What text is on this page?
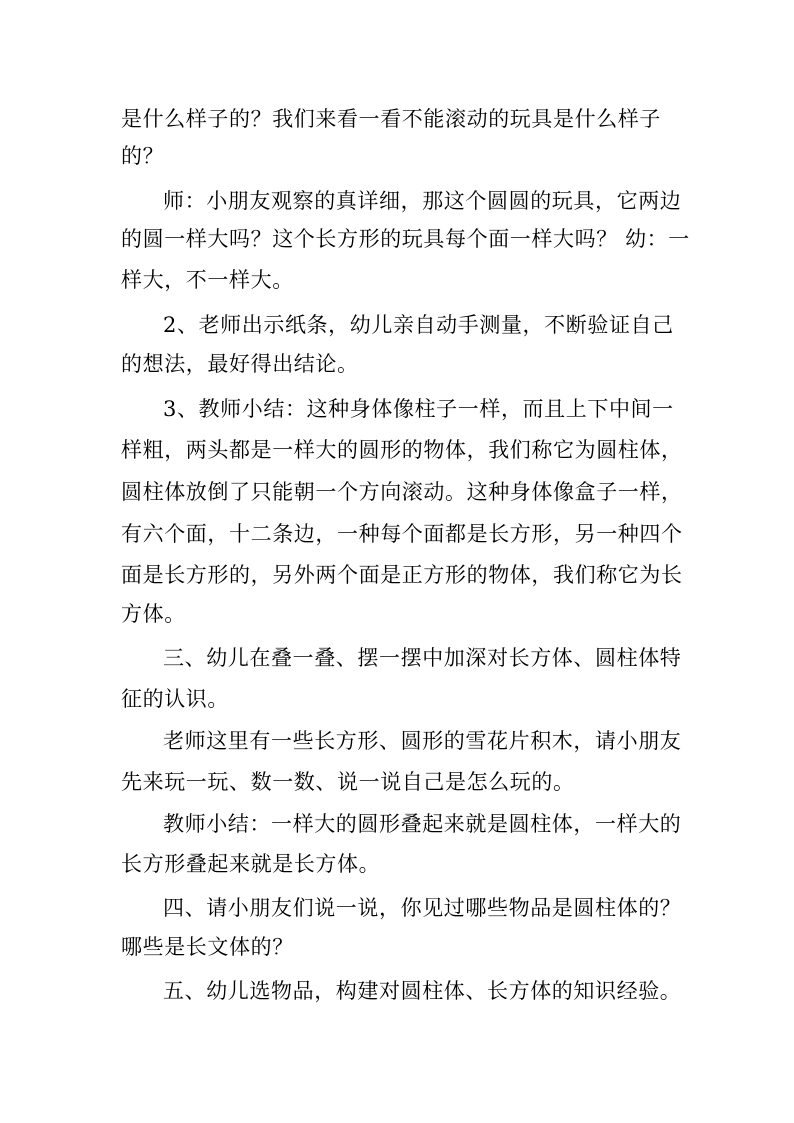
是什么样子的？我们来看一看不能滚动的玩具是什么样子
的？
师：小朋友观察的真详细，那这个圆圆的玩具，它两边
的圆一样大吗？这个长方形的玩具每个面一样大吗？ 幼：一
样大，不一样大。
2、老师出示纸条，幼儿亲自动手测量，不断验证自己
的想法，最好得出结论。
3、教师小结：这种身体像柱子一样，而且上下中间一
样粗，两头都是一样大的圆形的物体，我们称它为圆柱体，
圆柱体放倒了只能朝一个方向滚动。这种身体像盒子一样，
有六个面，十二条边，一种每个面都是长方形，另一种四个
面是长方形的，另外两个面是正方形的物体，我们称它为长
方体。
三、幼儿在叠一叠、摆一摆中加深对长方体、圆柱体特
征的认识。
老师这里有一些长方形、圆形的雪花片积木，请小朋友
先来玩一玩、数一数、说一说自己是怎么玩的。
教师小结：一样大的圆形叠起来就是圆柱体，一样大的
长方形叠起来就是长方体。
四、请小朋友们说一说，你见过哪些物品是圆柱体的？
哪些是长文体的？
五、幼儿选物品，构建对圆柱体、长方体的知识经验。
